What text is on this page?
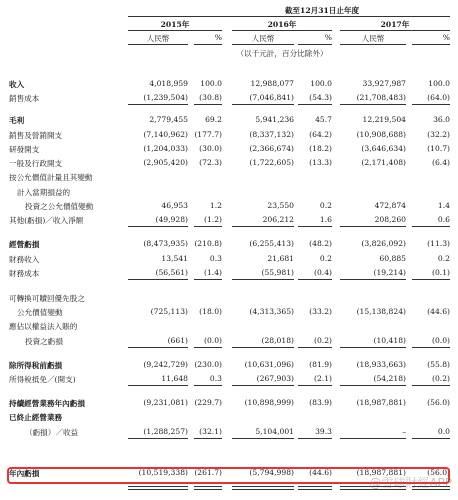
截至12月31日止年度
2015年	2016年	2017年
人民幣	%	人民幣	%	人民幣	%
（以千元計，百分比除外）
收入	4,018,959	100.0	12,988,077	100.0	33,927,987	100.0
銷售成本	(1,239,504)	(30.8)	(7,046,841)	(54.3)	(21,708,483)	(64.0)
毛利	2,779,455	69.2	5,941,236	45.7	12,219,504	36.0
銷售及營銷開支	(7,140,962) (177.7)	(8,337,132)	(64.2)	(10,908,688)	(32.2)
研發開支	(1,204,033)	(30.0)	(2,366,674)	(18.2)	(3,646,634)	(10.7)
一般及行政開支	(2,905,420)	(72.3)	(1,722,605)	(13.3)	(2,171,408)	(6.4)
按公允價值計量且其變動
計入當期損益的
投資之公允價值變動	46,953	1.2	23,550	0.2	472,874	1.4
其他(虧損)／收入淨額	(49,928)	(1.2)	206,212	1.6	208,260	0.6
經營虧損	(8,473,935) (210.8)	(6,255,413)	(48.2)	(3,826,092)	(11.3)
財務收入	13,541	0.3	21,681	0.2	60,885	0.2
財務成本	(56,561)	(1.4)	(55,981)	(0.4)	(19,214)	(0.1)
可轉換可贖回優先股之
公允價值變動	(725,113)	(18.0)	(4,313,365)	(33.2)	(15,138,824)	(44.6)
應佔以權益法入賬的
投資之虧損	(661)	(0.0)	(28,018)	(0.2)	(10,418)	(0.0)
除所得稅前虧損	(9,242,729) (230.0)	(10,631,096)	(81.9)	(18,933,663)	(55.8)
所得稅抵免／(開支)	11,648	0.3	(267,903)	(2.1)	(54,218)	(0.2)
持續經營業務年內虧損	(9,231,081) (229.7)	(10,898,999)	(83.9)	(18,987,881)	(56.0)
已終止經營業務
（虧損）／收益	(1,288,257)	(32.1)	5,104,001	39.3	–	0.0
年內虧損	(10,519,338) (261.7)	(5,794,998)	(44.6)	(18,987,881)	(56.0)
@雪球財經APP
